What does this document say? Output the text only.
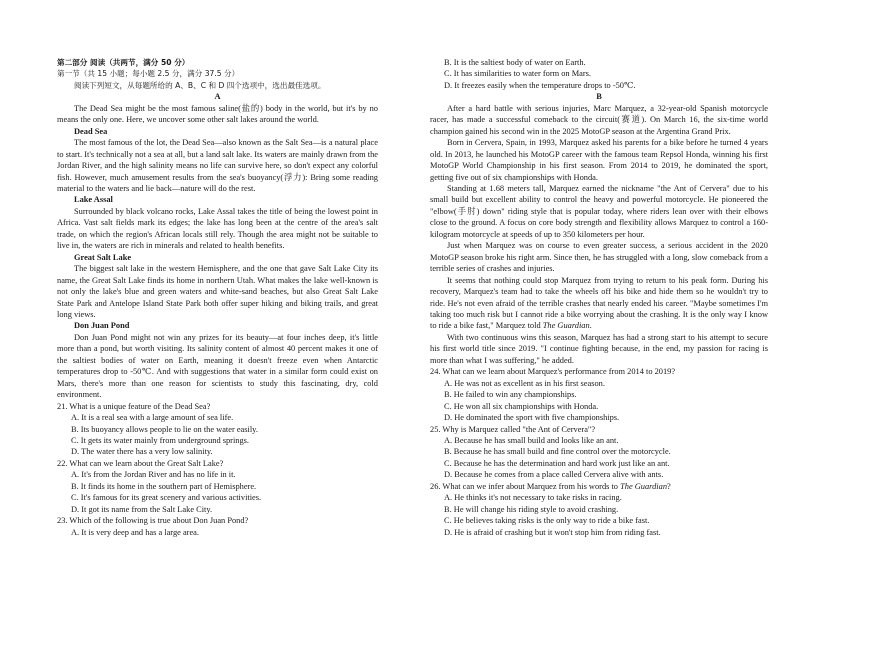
第二部分 阅读（共两节，满分 50 分）
第一节（共 15 小题；每小题 2.5 分，满分 37.5 分）
阅读下列短文，从每题所给的 A、B、C 和 D 四个选项中，选出最佳选项。
A
The Dead Sea might be the most famous saline(盐的) body in the world, but it's by no means the only one. Here, we uncover some other salt lakes around the world.
Dead Sea
The most famous of the lot, the Dead Sea—also known as the Salt Sea—is a natural place to start. It's technically not a sea at all, but a land salt lake. Its waters are mainly drawn from the Jordan River, and the high salinity means no life can survive here, so don't expect any colorful fish. However, much amusement results from the sea's buoyancy(浮力): Bring some reading material to the waters and lie back—nature will do the rest.
Lake Assal
Surrounded by black volcano rocks, Lake Assal takes the title of being the lowest point in Africa. Vast salt fields mark its edges; the lake has long been at the centre of the area's salt trade, on which the region's African locals still rely. Though the area might not be suitable to live in, the waters are rich in minerals and related to health benefits.
Great Salt Lake
The biggest salt lake in the western Hemisphere, and the one that gave Salt Lake City its name, the Great Salt Lake finds its home in northern Utah. What makes the lake well-known is not only the lake's blue and green waters and white-sand beaches, but also Great Salt Lake State Park and Antelope Island State Park both offer super hiking and biking trails, and great long views.
Don Juan Pond
Don Juan Pond might not win any prizes for its beauty—at four inches deep, it's little more than a pond, but worth visiting. Its salinity content of almost 40 percent makes it one of the saltiest bodies of water on Earth, meaning it doesn't freeze even when Antarctic temperatures drop to -50℃. And with suggestions that water in a similar form could exist on Mars, there's more than one reason for scientists to study this fascinating, dry, cold environment.
21. What is a unique feature of the Dead Sea?
A. It is a real sea with a large amount of sea life.
B. Its buoyancy allows people to lie on the water easily.
C. It gets its water mainly from underground springs.
D. The water there has a very low salinity.
22. What can we learn about the Great Salt Lake?
A. It's from the Jordan River and has no life in it.
B. It finds its home in the southern part of Hemisphere.
C. It's famous for its great scenery and various activities.
D. It got its name from the Salt Lake City.
23. Which of the following is true about Don Juan Pond?
A. It is very deep and has a large area.
B. It is the saltiest body of water on Earth.
C. It has similarities to water form on Mars.
D. It freezes easily when the temperature drops to -50℃.
B
After a hard battle with serious injuries, Marc Marquez, a 32-year-old Spanish motorcycle racer, has made a successful comeback to the circuit(赛道). On March 16, the six-time world champion gained his second win in the 2025 MotoGP season at the Argentina Grand Prix.
Born in Cervera, Spain, in 1993, Marquez asked his parents for a bike before he turned 4 years old. In 2013, he launched his MotoGP career with the famous team Repsol Honda, winning his first MotoGP World Championship in his first season. From 2014 to 2019, he dominated the sport, getting five out of six championships with Honda.
Standing at 1.68 meters tall, Marquez earned the nickname "the Ant of Cervera" due to his small build but excellent ability to control the heavy and powerful motorcycle. He pioneered the "elbow(手肘) down" riding style that is popular today, where riders lean over with their elbows close to the ground. A focus on core body strength and flexibility allows Marquez to control a 160-kilogram motorcycle at speeds of up to 350 kilometers per hour.
Just when Marquez was on course to even greater success, a serious accident in the 2020 MotoGP season broke his right arm. Since then, he has struggled with a long, slow comeback from a terrible series of crashes and injuries.
It seems that nothing could stop Marquez from trying to return to his peak form. During his recovery, Marquez's team had to take the wheels off his bike and hide them so he wouldn't try to ride. He's not even afraid of the terrible crashes that nearly ended his career. "Maybe sometimes I'm taking too much risk but I cannot ride a bike worrying about the crashing. It is the only way I know to ride a bike fast," Marquez told The Guardian.
With two continuous wins this season, Marquez has had a strong start to his attempt to secure his first world title since 2019. "I continue fighting because, in the end, my passion for racing is more than what I was suffering," he added.
24. What can we learn about Marquez's performance from 2014 to 2019?
A. He was not as excellent as in his first season.
B. He failed to win any championships.
C. He won all six championships with Honda.
D. He dominated the sport with five championships.
25. Why is Marquez called "the Ant of Cervera"?
A. Because he has small build and looks like an ant.
B. Because he has small build and fine control over the motorcycle.
C. Because he has the determination and hard work just like an ant.
D. Because he comes from a place called Cervera alive with ants.
26. What can we infer about Marquez from his words to The Guardian?
A. He thinks it's not necessary to take risks in racing.
B. He will change his riding style to avoid crashing.
C. He believes taking risks is the only way to ride a bike fast.
D. He is afraid of crashing but it won't stop him from riding fast.
